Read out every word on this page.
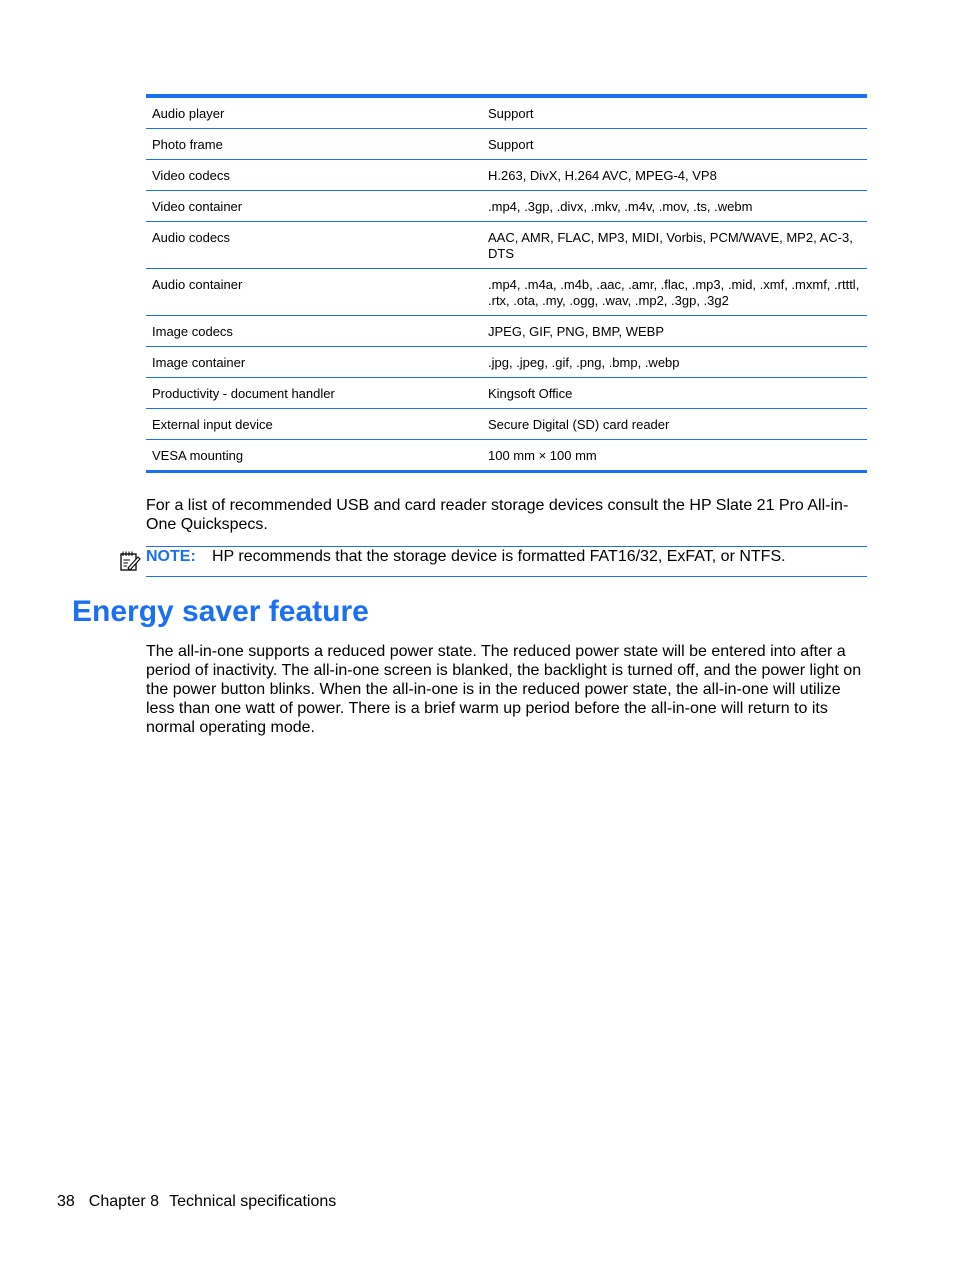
Audio player	Support
Photo frame	Support
Video codecs	H.263, DivX, H.264 AVC, MPEG-4, VP8
Video container	.mp4, .3gp, .divx, .mkv, .m4v, .mov, .ts, .webm
Audio codecs	AAC, AMR, FLAC, MP3, MIDI, Vorbis, PCM/WAVE, MP2, AC-3, DTS
Audio container	.mp4, .m4a, .m4b, .aac, .amr, .flac, .mp3, .mid, .xmf, .mxmf, .rtttl, .rtx, .ota, .my, .ogg, .wav, .mp2, .3gp, .3g2
Image codecs	JPEG, GIF, PNG, BMP, WEBP
Image container	.jpg, .jpeg, .gif, .png, .bmp, .webp
Productivity - document handler	Kingsoft Office
External input device	Secure Digital (SD) card reader
VESA mounting	100 mm × 100 mm

For a list of recommended USB and card reader storage devices consult the HP Slate 21 Pro All-in-One Quickspecs.

NOTE: HP recommends that the storage device is formatted FAT16/32, ExFAT, or NTFS.
Energy saver feature

The all-in-one supports a reduced power state. The reduced power state will be entered into after a period of inactivity. The all-in-one screen is blanked, the backlight is turned off, and the power light on the power button blinks. When the all-in-one is in the reduced power state, the all-in-one will utilize less than one watt of power. There is a brief warm up period before the all-in-one will return to its normal operating mode.

38 Chapter 8 Technical specifications
